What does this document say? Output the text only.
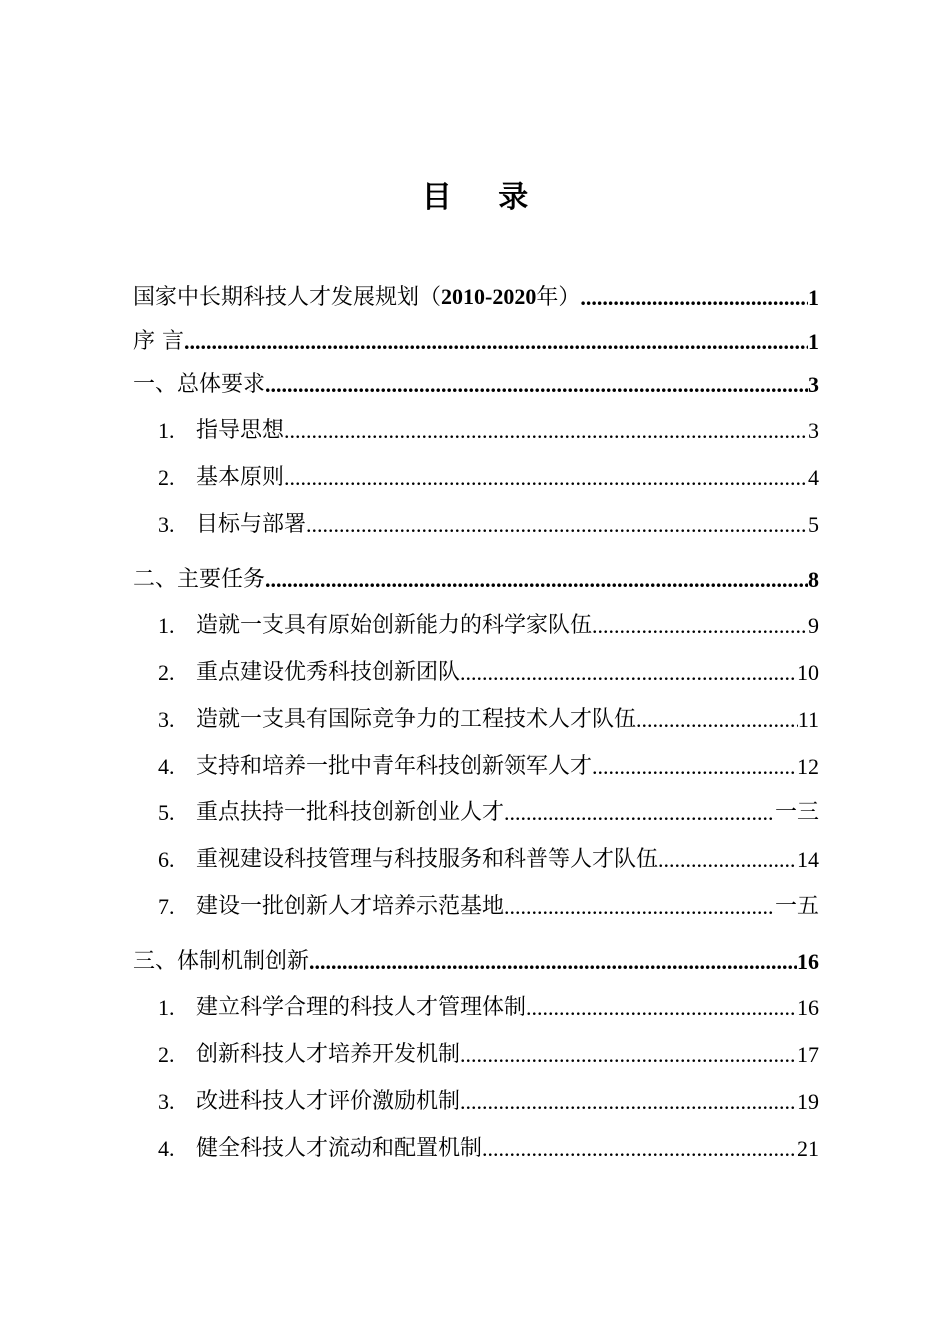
目 录
国家中长期科技人才发展规划（2010-2020年） .....	1
序 言 .....	1
一、总体要求 .....	3
1. 指导思想 .....	3
2. 基本原则 .....	4
3. 目标与部署 .....	5
二、主要任务 .....	8
1. 造就一支具有原始创新能力的科学家队伍 .....	9
2. 重点建设优秀科技创新团队 .....	10
3. 造就一支具有国际竞争力的工程技术人才队伍 .....	11
4. 支持和培养一批中青年科技创新领军人才 .....	12
5. 重点扶持一批科技创新创业人才 .....	一三
6. 重视建设科技管理与科技服务和科普等人才队伍 .....	14
7. 建设一批创新人才培养示范基地 .....	一五
三、体制机制创新 .....	16
1. 建立科学合理的科技人才管理体制 .....	16
2. 创新科技人才培养开发机制 .....	17
3. 改进科技人才评价激励机制 .....	19
4. 健全科技人才流动和配置机制 .....	21
